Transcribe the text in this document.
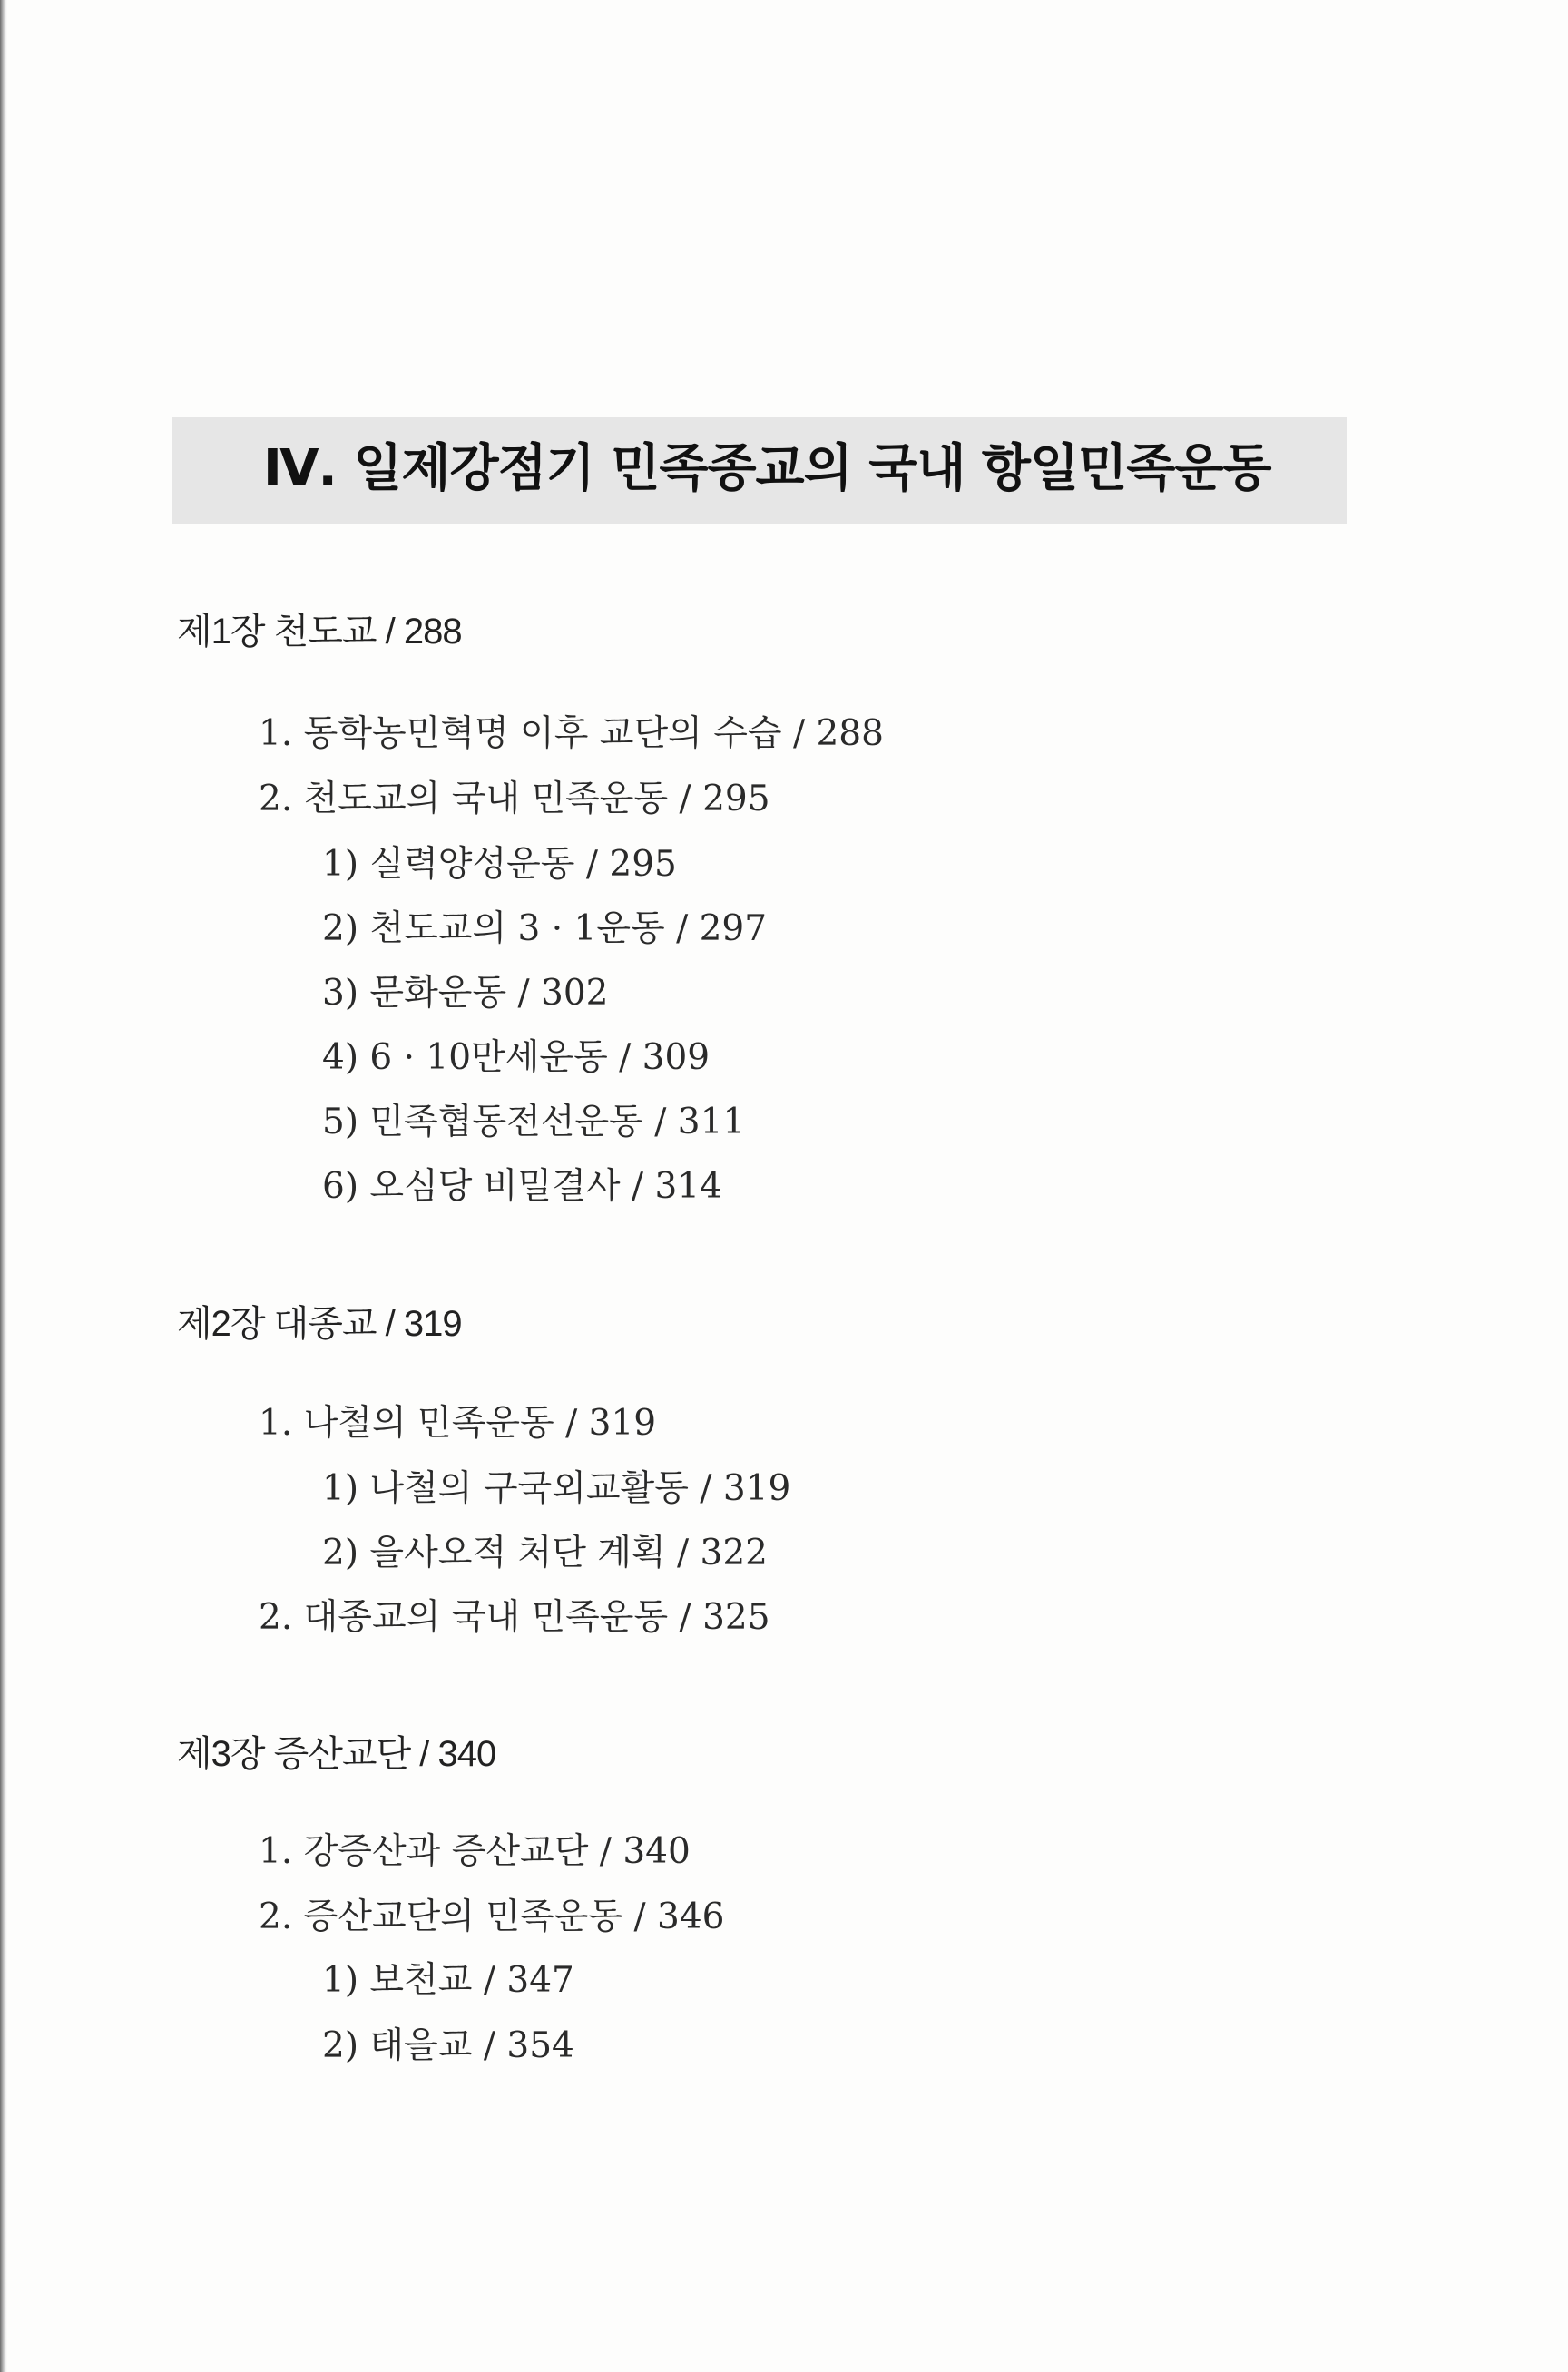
Ⅳ. 일제강점기 민족종교의 국내 항일민족운동
제1장 천도교 / 288
1. 동학농민혁명 이후 교단의 수습 / 288
2. 천도교의 국내 민족운동 / 295
1) 실력양성운동 / 295
2) 천도교의 3 · 1운동 / 297
3) 문화운동 / 302
4) 6 · 10만세운동 / 309
5) 민족협동전선운동 / 311
6) 오심당 비밀결사 / 314
제2장 대종교 / 319
1. 나철의 민족운동 / 319
1) 나철의 구국외교활동 / 319
2) 을사오적 처단 계획 / 322
2. 대종교의 국내 민족운동 / 325
제3장 증산교단 / 340
1. 강증산과 증산교단 / 340
2. 증산교단의 민족운동 / 346
1) 보천교 / 347
2) 태을교 / 354
